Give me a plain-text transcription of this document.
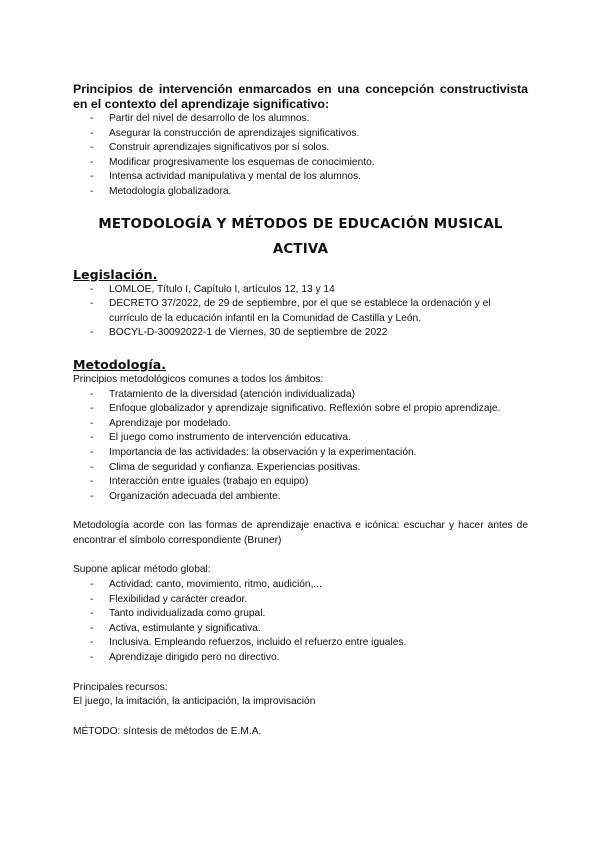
Principios de intervención enmarcados en una concepción constructivista en el contexto del aprendizaje significativo:

- Partir del nivel de desarrollo de los alumnos.
- Asegurar la construcción de aprendizajes significativos.
- Construir aprendizajes significativos por sí solos.
- Modificar progresivamente los esquemas de conocimiento.
- Intensa actividad manipulativa y mental de los alumnos.
- Metodología globalizadora.
METODOLOGÍA Y MÉTODOS DE EDUCACIÓN MUSICAL
ACTIVA

Legislación.

- LOMLOE, Título I, Capítulo I, artículos 12, 13 y 14
- DECRETO 37/2022, de 29 de septiembre, por el que se establece la ordenación y el currículo de la educación infantil en la Comunidad de Castilla y León.
- BOCYL-D-30092022-1 de Viernes, 30 de septiembre de 2022

Metodología.

Principios metodológicos comunes a todos los ámbitos:

- Tratamiento de la diversidad (atención individualizada)
- Enfoque globalizador y aprendizaje significativo. Reflexión sobre el propio aprendizaje.
- Aprendizaje por modelado.
- El juego como instrumento de intervención educativa.
- Importancia de las actividades: la observación y la experimentación.
- Clima de seguridad y confianza. Experiencias positivas.
- Interacción entre iguales (trabajo en equipo)
- Organización adecuada del ambiente.

Metodología acorde con las formas de aprendizaje enactiva e icónica: escuchar y hacer antes de encontrar el símbolo correspondiente (Bruner)

Supone aplicar método global:

- Actividad: canto, movimiento, ritmo, audición,...
- Flexibilidad y carácter creador.
- Tanto individualizada como grupal.
- Activa, estimulante y significativa.
- Inclusiva. Empleando refuerzos, incluido el refuerzo entre iguales.
- Aprendizaje dirigido pero no directivo.

Principales recursos:

El juego, la imitación, la anticipación, la improvisación

MÉTODO: síntesis de métodos de E.M.A.
